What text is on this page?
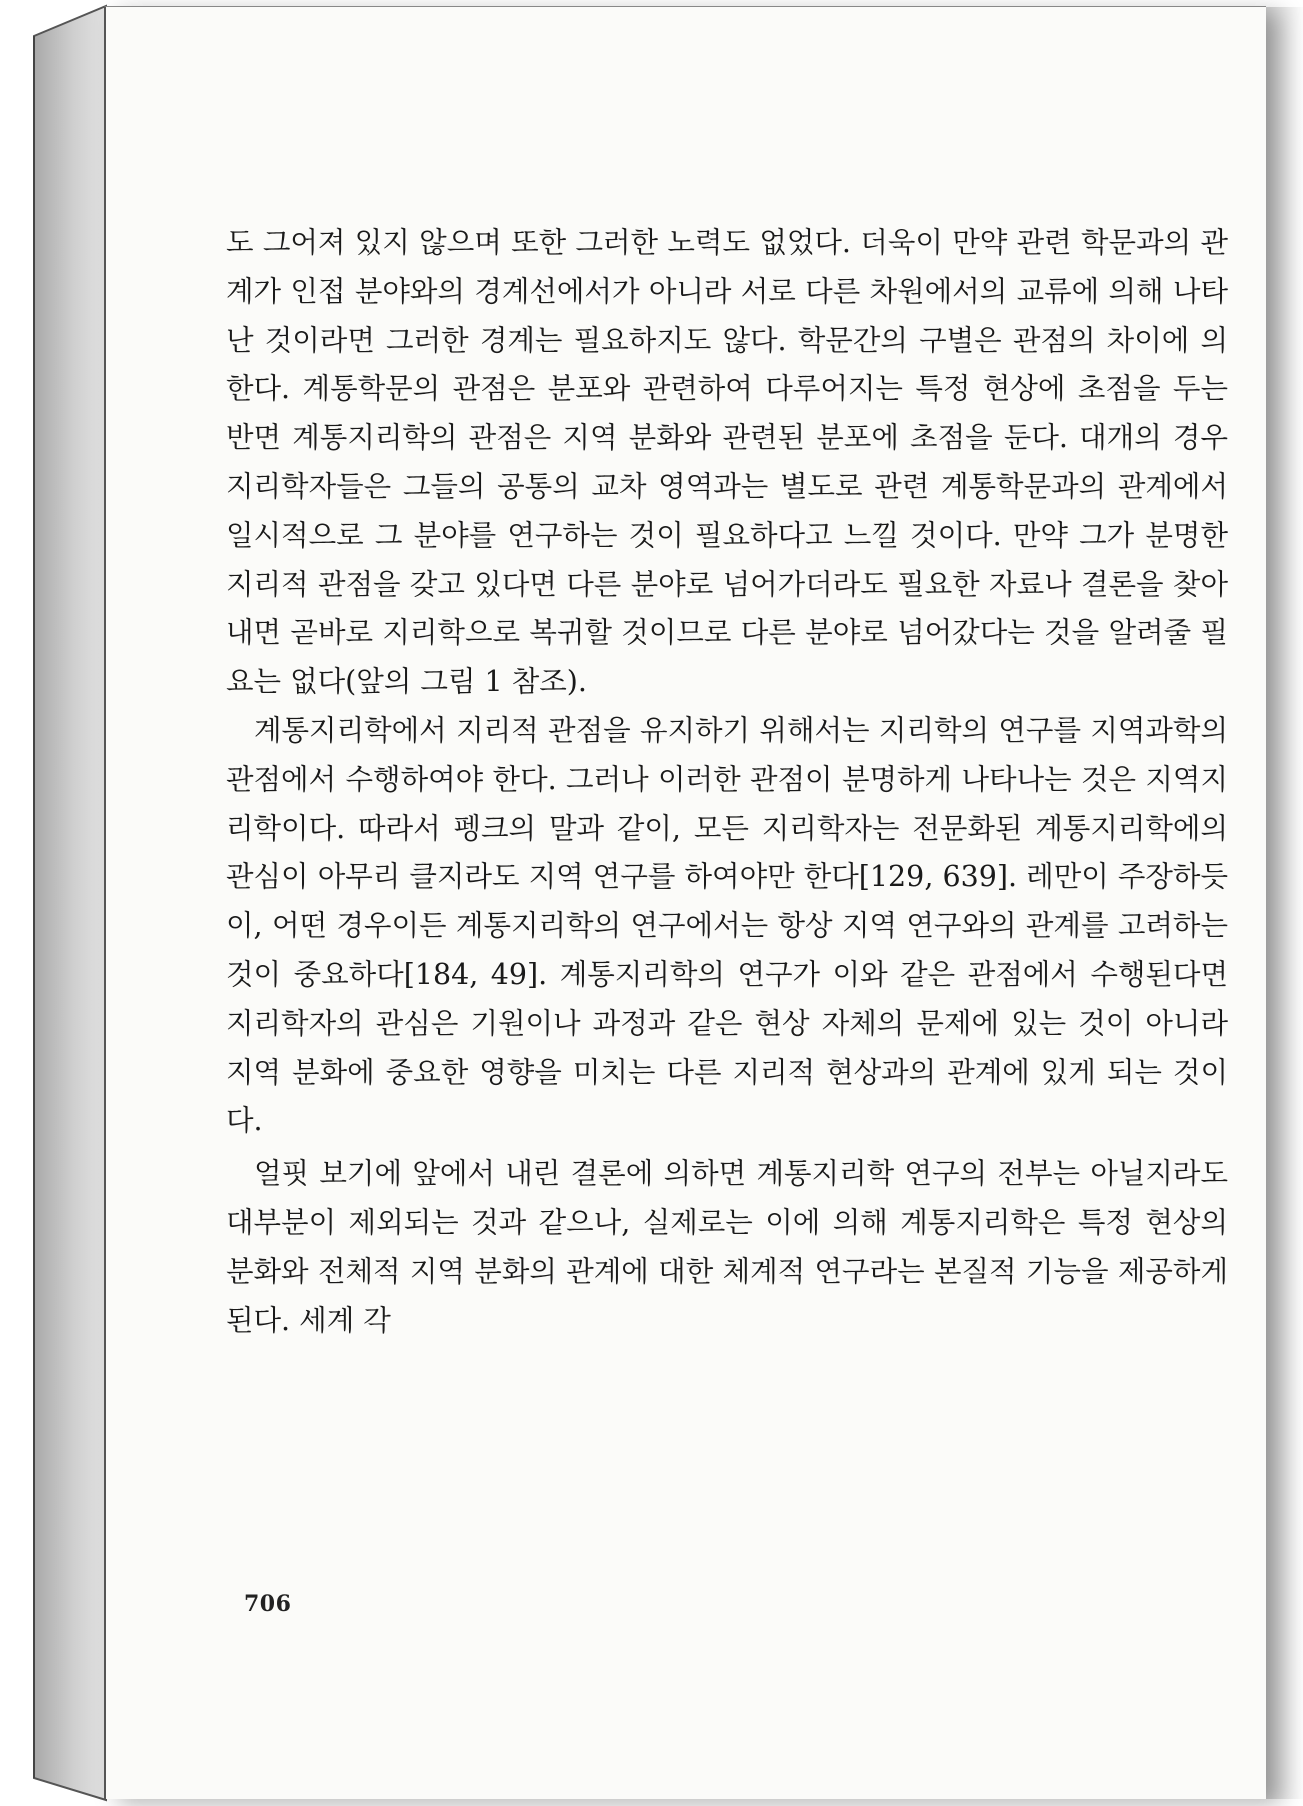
도 그어져 있지 않으며 또한 그러한 노력도 없었다. 더욱이 만약 관련 학문과의 관계가 인접 분야와의 경계선에서가 아니라 서로 다른 차원에서의 교류에 의해 나타난 것이라면 그러한 경계는 필요하지도 않다. 학문간의 구별은 관점의 차이에 의한다. 계통학문의 관점은 분포와 관련하여 다루어지는 특정 현상에 초점을 두는 반면 계통지리학의 관점은 지역 분화와 관련된 분포에 초점을 둔다. 대개의 경우 지리학자들은 그들의 공통의 교차 영역과는 별도로 관련 계통학문과의 관계에서 일시적으로 그 분야를 연구하는 것이 필요하다고 느낄 것이다. 만약 그가 분명한 지리적 관점을 갖고 있다면 다른 분야로 넘어가더라도 필요한 자료나 결론을 찾아내면 곧바로 지리학으로 복귀할 것이므로 다른 분야로 넘어갔다는 것을 알려줄 필요는 없다(앞의 그림 1 참조).

계통지리학에서 지리적 관점을 유지하기 위해서는 지리학의 연구를 지역과학의 관점에서 수행하여야 한다. 그러나 이러한 관점이 분명하게 나타나는 것은 지역지리학이다. 따라서 펭크의 말과 같이, 모든 지리학자는 전문화된 계통지리학에의 관심이 아무리 클지라도 지역 연구를 하여야만 한다[129, 639]. 레만이 주장하듯이, 어떤 경우이든 계통지리학의 연구에서는 항상 지역 연구와의 관계를 고려하는 것이 중요하다[184, 49]. 계통지리학의 연구가 이와 같은 관점에서 수행된다면 지리학자의 관심은 기원이나 과정과 같은 현상 자체의 문제에 있는 것이 아니라 지역 분화에 중요한 영향을 미치는 다른 지리적 현상과의 관계에 있게 되는 것이다.

얼핏 보기에 앞에서 내린 결론에 의하면 계통지리학 연구의 전부는 아닐지라도 대부분이 제외되는 것과 같으나, 실제로는 이에 의해 계통지리학은 특정 현상의 분화와 전체적 지역 분화의 관계에 대한 체계적 연구라는 본질적 기능을 제공하게 된다. 세계 각

706
